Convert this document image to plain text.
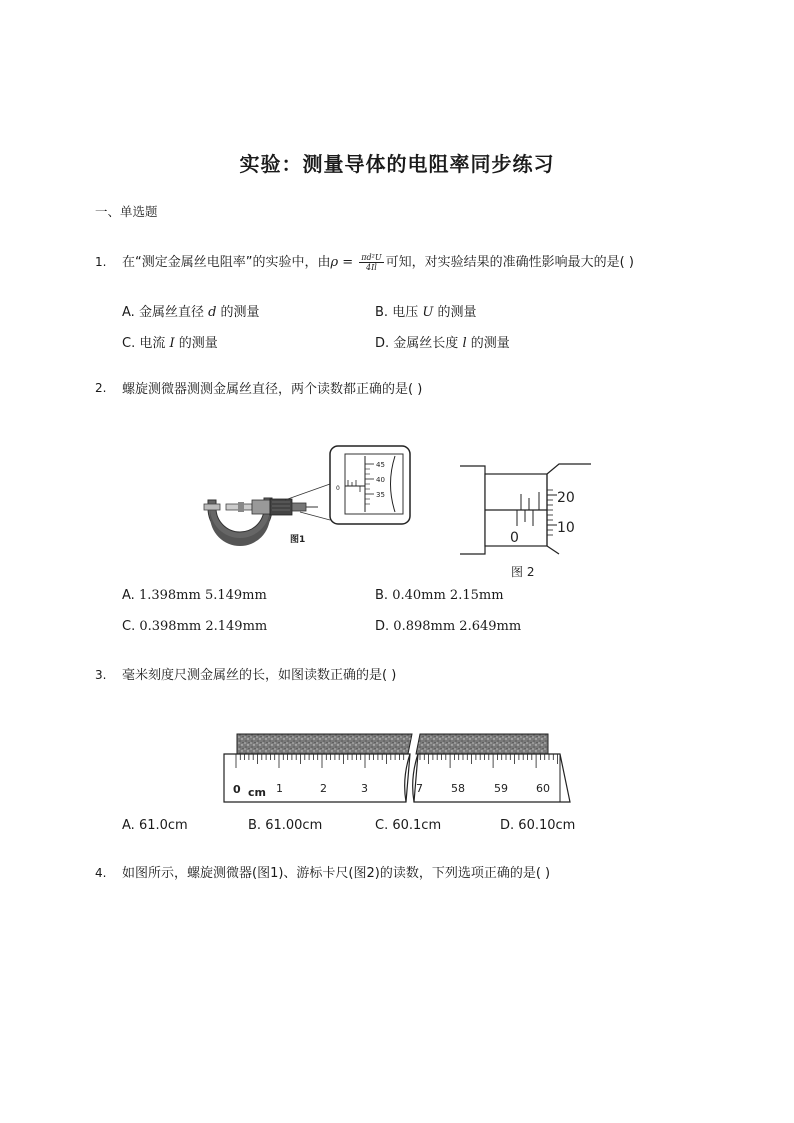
实验：测量导体的电阻率同步练习
一、单选题
1. 在“测定金属丝电阻率”的实验中，由$\rho = \frac{\text{πd²U}}{4Il}$ 可知，对实验结果的准确性影响最大的是( )
A. 金属丝直径 d 的测量	B. 电压 U 的测量
C. 电流 I 的测量	D. 金属丝长度 l 的测量
2. 螺旋测微器测测金属丝直径，两个读数都正确的是( )
0
45
40
35
图1	0
20
10
图 2
A. 1.398mm 5.149mm	B. 0.40mm 2.15mm
C. 0.398mm 2.149mm	D. 0.898mm 2.649mm
3. 毫米刻度尺测金属丝的长，如图读数正确的是( )
0 cm 1	2	3	7	58	59	60
A. 61.0cm	B. 61.00cm	C. 60.1cm	D. 60.10cm
4. 如图所示，螺旋测微器(图1)、游标卡尺(图2)的读数，下列选项正确的是( )
